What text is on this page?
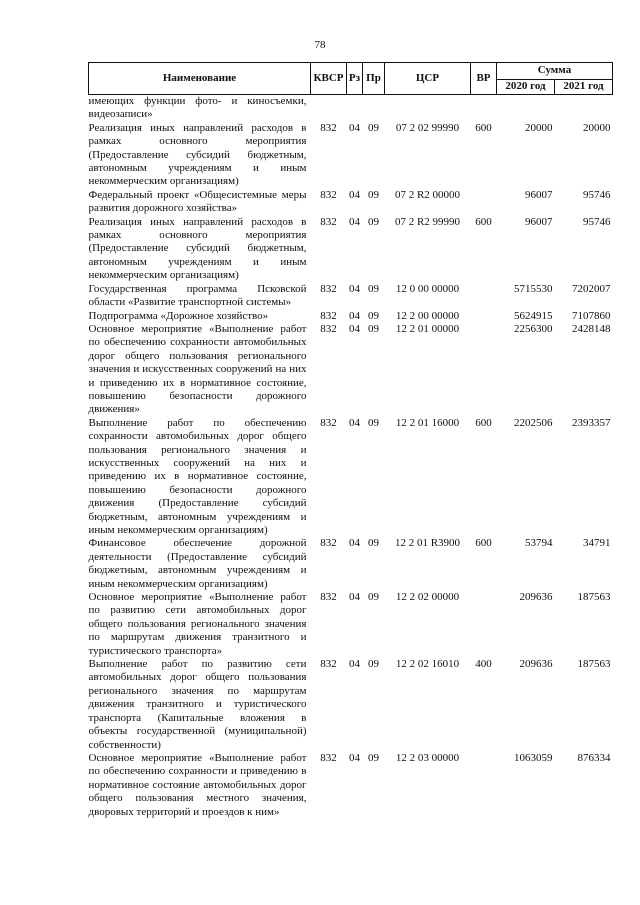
78
Наименование	КВСР	Рз	Пр	ЦСР	ВР	Сумма	
						2020 год	2021 год
имеющих функции фото- и киносъемки, видеозаписи»							
Реализация иных направлений расходов в рамках основного мероприятия (Предоставление субсидий бюджетным, автономным учреждениям и иным некоммерческим организациям)	832	04	09	07 2 02 99990	600	20000	20000
Федеральный проект «Общесистемные меры развития дорожного хозяйства»	832	04	09	07 2 R2 00000		96007	95746
Реализация иных направлений расходов в рамках основного мероприятия (Предоставление субсидий бюджетным, автономным учреждениям и иным некоммерческим организациям)	832	04	09	07 2 R2 99990	600	96007	95746
Государственная программа Псковской области «Развитие транспортной системы»	832	04	09	12 0 00 00000		5715530	7202007
Подпрограмма «Дорожное хозяйство»	832	04	09	12 2 00 00000		5624915	7107860
Основное мероприятие «Выполнение работ по обеспечению сохранности автомобильных дорог общего пользования регионального значения и искусственных сооружений на них и приведению их в нормативное состояние, повышению безопасности дорожного движения»	832	04	09	12 2 01 00000		2256300	2428148
Выполнение работ по обеспечению сохранности автомобильных дорог общего пользования регионального значения и искусственных сооружений на них и приведению их в нормативное состояние, повышению безопасности дорожного движения (Предоставление субсидий бюджетным, автономным учреждениям и иным некоммерческим организациям)	832	04	09	12 2 01 16000	600	2202506	2393357
Финансовое обеспечение дорожной деятельности (Предоставление субсидий бюджетным, автономным учреждениям и иным некоммерческим организациям)	832	04	09	12 2 01 R3900	600	53794	34791
Основное мероприятие «Выполнение работ по развитию сети автомобильных дорог общего пользования регионального значения по маршрутам движения транзитного и туристического транспорта»	832	04	09	12 2 02 00000		209636	187563
Выполнение работ по развитию сети автомобильных дорог общего пользования регионального значения по маршрутам движения транзитного и туристического транспорта (Капитальные вложения в объекты государственной (муниципальной) собственности)	832	04	09	12 2 02 16010	400	209636	187563
Основное мероприятие «Выполнение работ по обеспечению сохранности и приведению в нормативное состояние автомобильных дорог общего пользования местного значения, дворовых территорий и проездов к ним»	832	04	09	12 2 03 00000		1063059	876334
